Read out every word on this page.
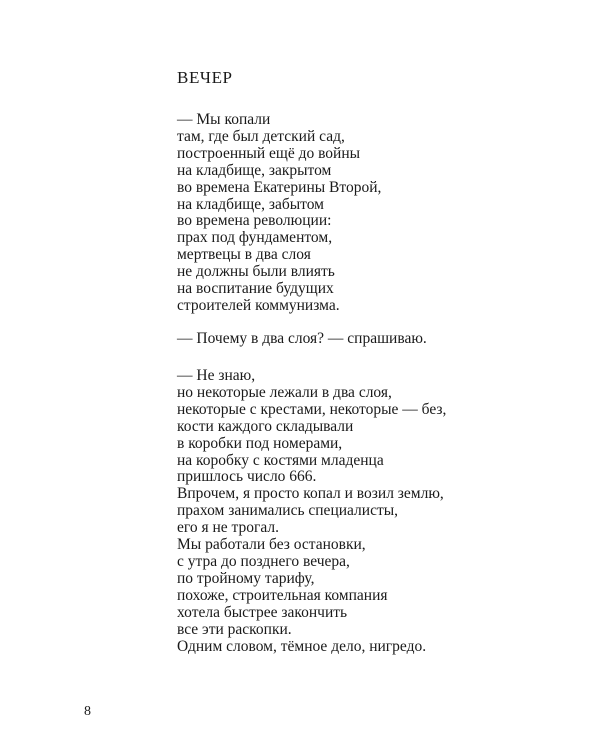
ВЕЧЕР
— Мы копали
там, где был детский сад,
построенный ещё до войны
на кладбище, закрытом
во времена Екатерины Второй,
на кладбище, забытом
во времена революции:
прах под фундаментом,
мертвецы в два слоя
не должны были влиять
на воспитание будущих
строителей коммунизма.
— Почему в два слоя? — спрашиваю.
— Не знаю,
но некоторые лежали в два слоя,
некоторые с крестами, некоторые — без,
кости каждого складывали
в коробки под номерами,
на коробку с костями младенца
пришлось число 666.
Впрочем, я просто копал и возил землю,
прахом занимались специалисты,
его я не трогал.
Мы работали без остановки,
с утра до позднего вечера,
по тройному тарифу,
похоже, строительная компания
хотела быстрее закончить
все эти раскопки.
Одним словом, тёмное дело, нигредо.
8
